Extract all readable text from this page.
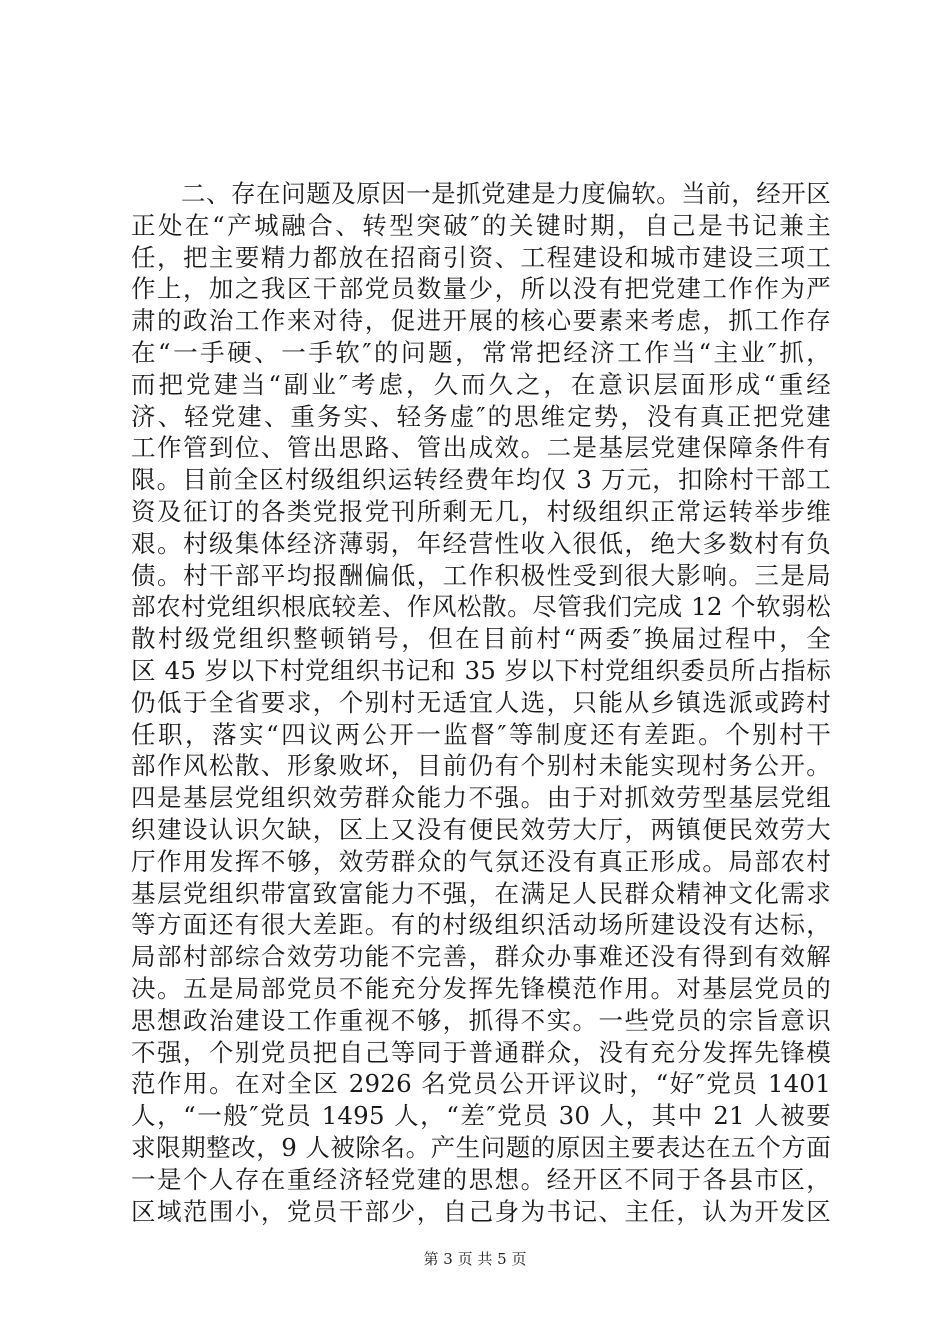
　　二、存在问题及原因一是抓党建是力度偏软。当前，经开区
正处在“产城融合、转型突破″的关键时期，自己是书记兼主
任，把主要精力都放在招商引资、工程建设和城市建设三项工
作上，加之我区干部党员数量少，所以没有把党建工作作为严
肃的政治工作来对待，促进开展的核心要素来考虑，抓工作存
在“一手硬、一手软″的问题，常常把经济工作当“主业″抓，
而把党建当“副业″考虑，久而久之，在意识层面形成“重经
济、轻党建、重务实、轻务虚″的思维定势，没有真正把党建
工作管到位、管出思路、管出成效。二是基层党建保障条件有
限。目前全区村级组织运转经费年均仅 3 万元，扣除村干部工
资及征订的各类党报党刊所剩无几，村级组织正常运转举步维
艰。村级集体经济薄弱，年经营性收入很低，绝大多数村有负
债。村干部平均报酬偏低，工作积极性受到很大影响。三是局
部农村党组织根底较差、作风松散。尽管我们完成 12 个软弱松
散村级党组织整顿销号，但在目前村“两委″换届过程中，全
区 45 岁以下村党组织书记和 35 岁以下村党组织委员所占指标
仍低于全省要求，个别村无适宜人选，只能从乡镇选派或跨村
任职，落实“四议两公开一监督″等制度还有差距。个别村干
部作风松散、形象败坏，目前仍有个别村未能实现村务公开。
四是基层党组织效劳群众能力不强。由于对抓效劳型基层党组
织建设认识欠缺，区上又没有便民效劳大厅，两镇便民效劳大
厅作用发挥不够，效劳群众的气氛还没有真正形成。局部农村
基层党组织带富致富能力不强，在满足人民群众精神文化需求
等方面还有很大差距。有的村级组织活动场所建设没有达标，
局部村部综合效劳功能不完善，群众办事难还没有得到有效解
决。五是局部党员不能充分发挥先锋模范作用。对基层党员的
思想政治建设工作重视不够，抓得不实。一些党员的宗旨意识
不强，个别党员把自己等同于普通群众，没有充分发挥先锋模
范作用。在对全区 2926 名党员公开评议时，“好″党员 1401
人，“一般″党员 1495 人，“差″党员 30 人，其中 21 人被要
求限期整改，9 人被除名。产生问题的原因主要表达在五个方面
一是个人存在重经济轻党建的思想。经开区不同于各县市区，
区域范围小，党员干部少，自己身为书记、主任，认为开发区
第 3 页 共 5 页
